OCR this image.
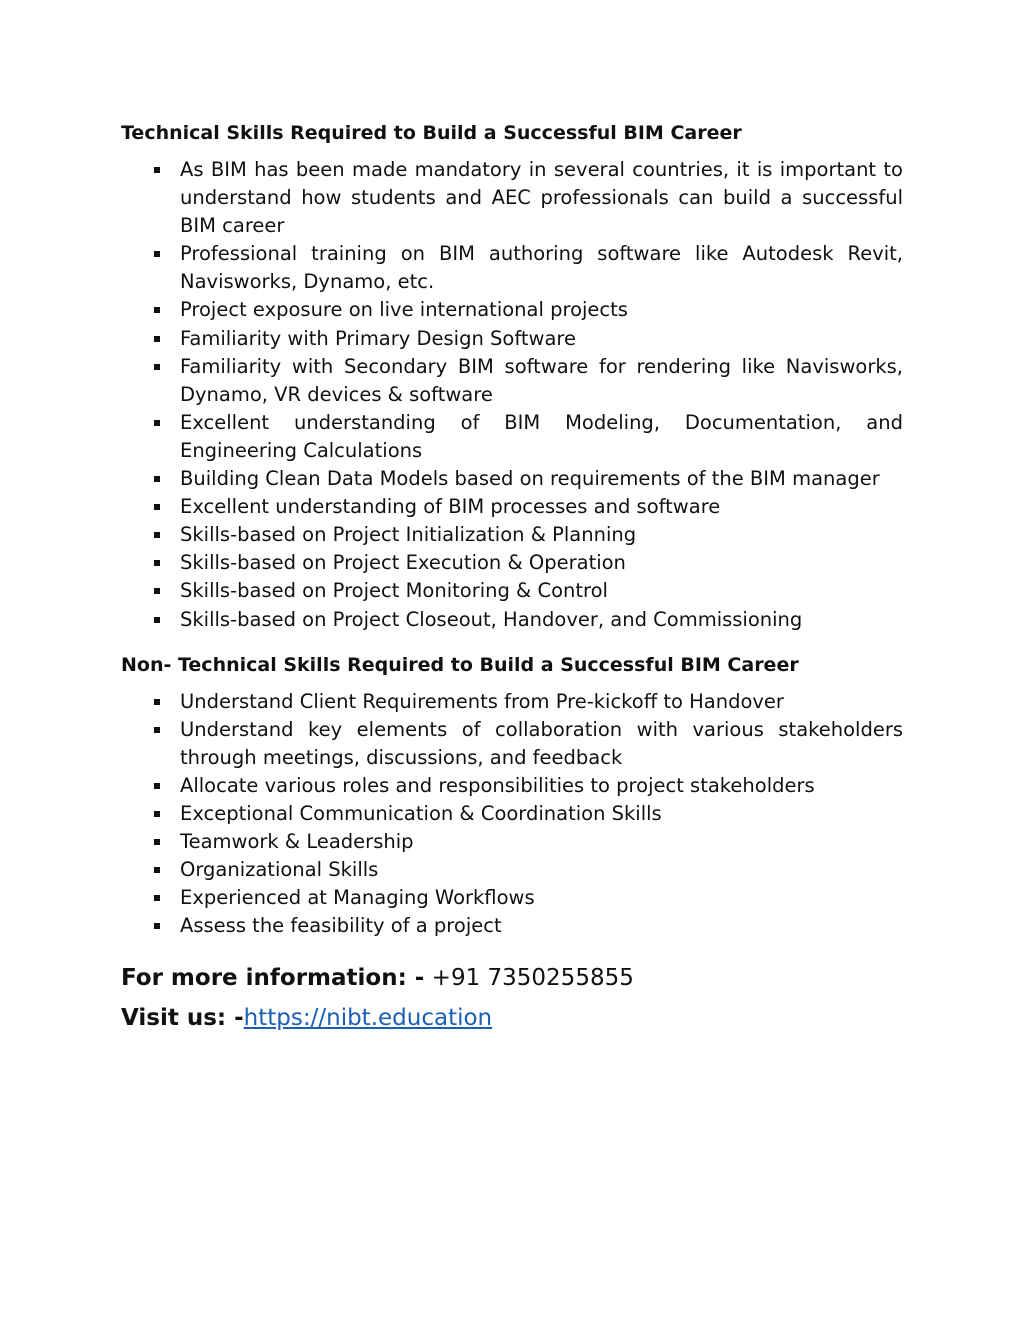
Technical Skills Required to Build a Successful BIM Career
As BIM has been made mandatory in several countries, it is important to understand how students and AEC professionals can build a successful BIM career
Professional training on BIM authoring software like Autodesk Revit, Navisworks, Dynamo, etc.
Project exposure on live international projects
Familiarity with Primary Design Software
Familiarity with Secondary BIM software for rendering like Navisworks, Dynamo, VR devices & software
Excellent understanding of BIM Modeling, Documentation, and Engineering Calculations
Building Clean Data Models based on requirements of the BIM manager
Excellent understanding of BIM processes and software
Skills-based on Project Initialization & Planning
Skills-based on Project Execution & Operation
Skills-based on Project Monitoring & Control
Skills-based on Project Closeout, Handover, and Commissioning
Non- Technical Skills Required to Build a Successful BIM Career
Understand Client Requirements from Pre-kickoff to Handover
Understand key elements of collaboration with various stakeholders through meetings, discussions, and feedback
Allocate various roles and responsibilities to project stakeholders
Exceptional Communication & Coordination Skills
Teamwork & Leadership
Organizational Skills
Experienced at Managing Workflows
Assess the feasibility of a project
For more information: - +91 7350255855
Visit us: -https://nibt.education
